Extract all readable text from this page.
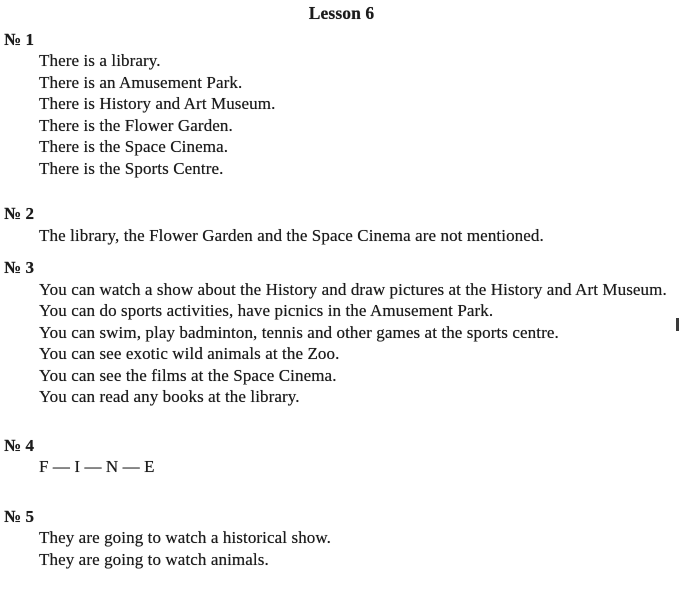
Lesson 6
№ 1

There is a library.

There is an Amusement Park.

There is History and Art Museum.

There is the Flower Garden.

There is the Space Cinema.

There is the Sports Centre.

№ 2

The library, the Flower Garden and the Space Cinema are not mentioned.

№ 3

You can watch a show about the History and draw pictures at the History and Art Museum.

You can do sports activities, have picnics in the Amusement Park.

You can swim, play badminton, tennis and other games at the sports centre.

You can see exotic wild animals at the Zoo.

You can see the films at the Space Cinema.

You can read any books at the library.

№ 4

F — I — N — E

№ 5

They are going to watch a historical show.

They are going to watch animals.
